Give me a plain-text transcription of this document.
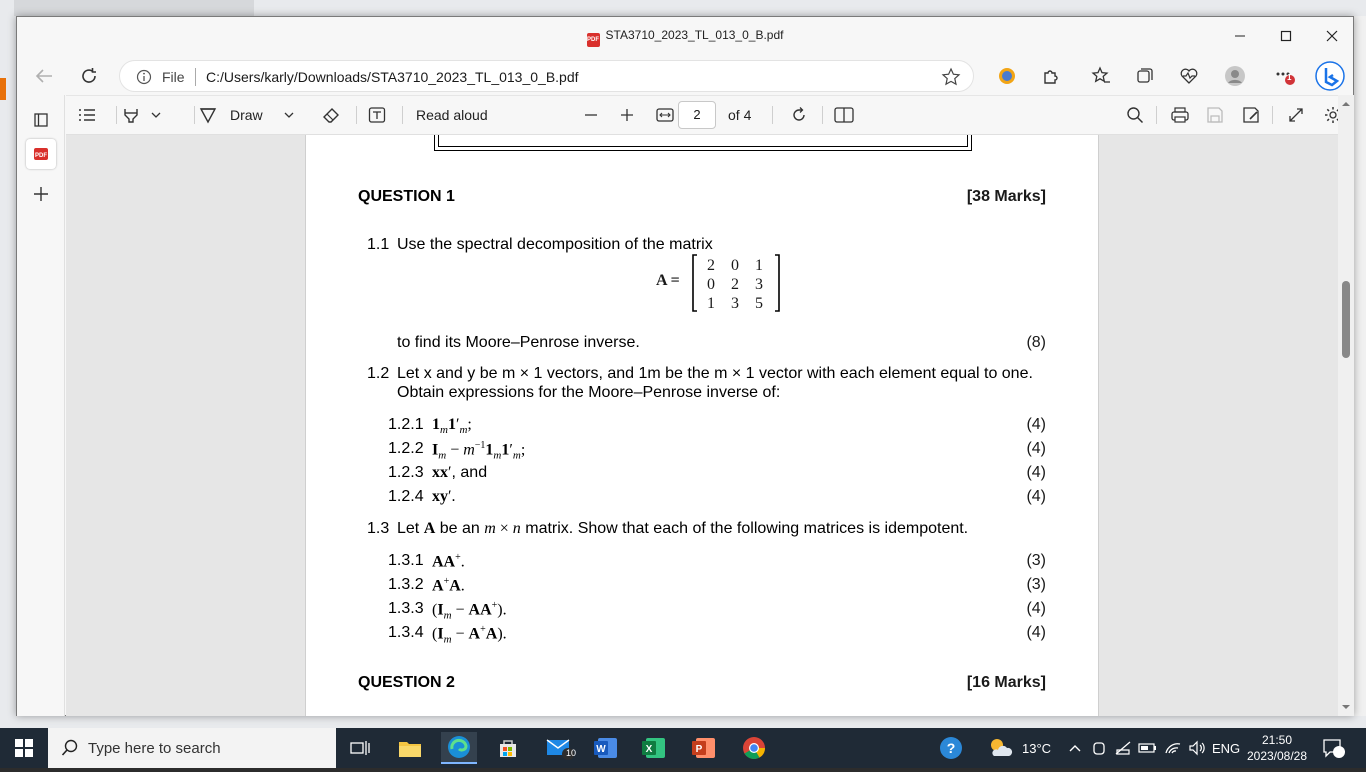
PDF STA3710_2023_TL_013_0_B.pdf
File C:/Users/karly/Downloads/STA3710_2023_TL_013_0_B.pdf	1
PDF
Draw	Read aloud	2	of 4
QUESTION 1	[38 Marks]
1.1 Use the spectral decomposition of the matrix
A =
2 0 1
0 2 3
1 3 5
to find its Moore–Penrose inverse.	(8)
1.2 Let x and y be m × 1 vectors, and 1m be the m × 1 vector with each element equal to one.
Obtain expressions for the Moore–Penrose inverse of:
1.2.1 $1_m1'_m$;	(4)
1.2.2 $I_m - m^{-1}1_m1'_m$;	(4)
1.2.3 xx′, and	(4)
1.2.4 xy′.	(4)
1.3 Let A be an m × n matrix. Show that each of the following matrices is idempotent.
1.3.1 AA+.	(3)
1.3.2 A+A.	(3)
1.3.3 $(I_m - AA^+)$.	(4)
1.3.4 $(I_m - A^+A)$.	(4)
QUESTION 2	[16 Marks]
Type here to search	10 W	X	P	?	13°C	ENG
21:50
2023/08/28
